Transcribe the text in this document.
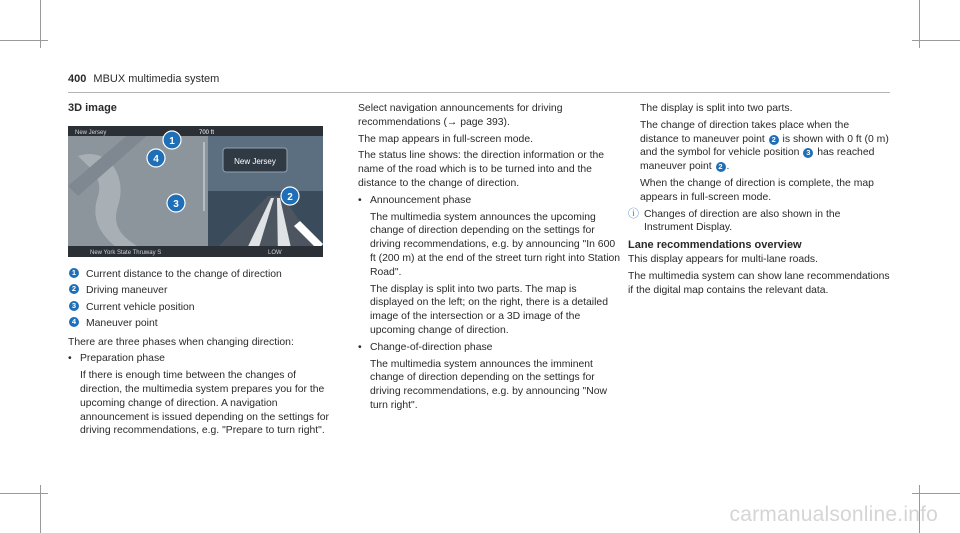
400 MBUX multimedia system

3D image

New Jersey
New Jersey	700 ft
New York State Thruway S	LOW
1
4
3
2
1 Current distance to the change of direction
2 Driving maneuver
3 Current vehicle position
4 Maneuver point

There are three phases when changing direction:

• Preparation phase

If there is enough time between the changes of direction, the multimedia system prepares you for the upcoming change of direction. A navigation announcement is issued depending on the settings for driving recommendations, e.g. "Prepare to turn right".

Select navigation announcements for driving recommendations (→ page 393).

The map appears in full-screen mode.

The status line shows: the direction information or the name of the road which is to be turned into and the distance to the change of direction.

• Announcement phase

The multimedia system announces the upcoming change of direction depending on the settings for driving recommendations, e.g. by announcing "In 600 ft (200 m) at the end of the street turn right into Station Road".

The display is split into two parts. The map is displayed on the left; on the right, there is a detailed image of the intersection or a 3D image of the upcoming change of direction.

• Change-of-direction phase

The multimedia system announces the imminent change of direction depending on the settings for driving recommendations, e.g. by announcing "Now turn right".

The display is split into two parts.

The change of direction takes place when the distance to maneuver point 2 is shown with 0 ft (0 m) and the symbol for vehicle position 3 has reached maneuver point 2 .

When the change of direction is complete, the map appears in full-screen mode.

ⓘ Changes of direction are also shown in the Instrument Display.

Lane recommendations overview

This display appears for multi-lane roads.

The multimedia system can show lane recommendations if the digital map contains the relevant data.

carmanualsonline.info
